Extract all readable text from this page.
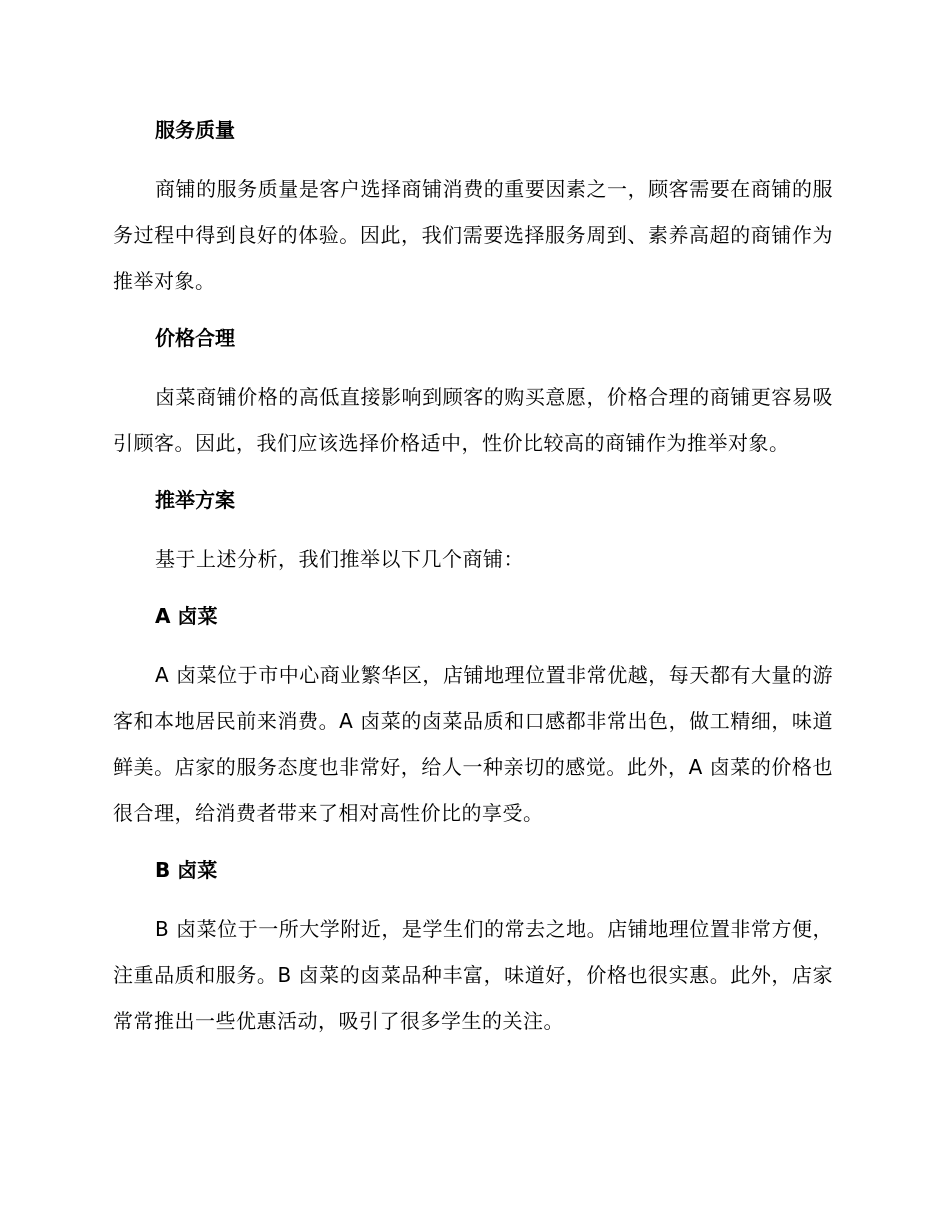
服务质量

商铺的服务质量是客户选择商铺消费的重要因素之一，顾客需要在商铺的服务过程中得到良好的体验。因此，我们需要选择服务周到、素养高超的商铺作为推举对象。

价格合理

卤菜商铺价格的高低直接影响到顾客的购买意愿，价格合理的商铺更容易吸引顾客。因此，我们应该选择价格适中，性价比较高的商铺作为推举对象。

推举方案

基于上述分析，我们推举以下几个商铺：

A 卤菜

A 卤菜位于市中心商业繁华区，店铺地理位置非常优越，每天都有大量的游客和本地居民前来消费。A 卤菜的卤菜品质和口感都非常出色，做工精细，味道鲜美。店家的服务态度也非常好，给人一种亲切的感觉。此外，A 卤菜的价格也很合理，给消费者带来了相对高性价比的享受。

B 卤菜

B 卤菜位于一所大学附近，是学生们的常去之地。店铺地理位置非常方便，注重品质和服务。B 卤菜的卤菜品种丰富，味道好，价格也很实惠。此外，店家常常推出一些优惠活动，吸引了很多学生的关注。
